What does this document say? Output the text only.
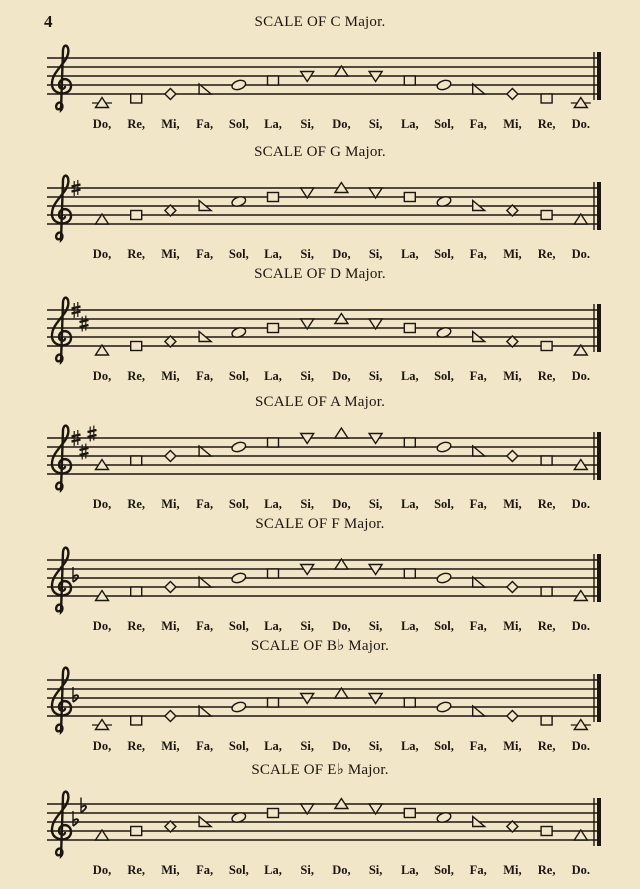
4	SCALE OF C Major.
Do, Re, Mi, Fa, Sol, La, Si, Do, Si, La, Sol, Fa, Mi, Re, Do.
SCALE OF G Major.
Do, Re, Mi, Fa, Sol, La, Si, Do, Si, La, Sol, Fa, Mi, Re, Do.
SCALE OF D Major.
Do, Re, Mi, Fa, Sol, La, Si, Do, Si, La, Sol, Fa, Mi, Re, Do.
SCALE OF A Major.
Do, Re, Mi, Fa, Sol, La, Si, Do, Si, La, Sol, Fa, Mi, Re, Do.
SCALE OF F Major.
Do, Re, Mi, Fa, Sol, La, Si, Do, Si, La, Sol, Fa, Mi, Re, Do.
SCALE OF B♭ Major.
Do, Re, Mi, Fa, Sol, La, Si, Do, Si, La, Sol, Fa, Mi, Re, Do.
SCALE OF E♭ Major.
Do, Re, Mi, Fa, Sol, La, Si, Do, Si, La, Sol, Fa, Mi, Re, Do.
